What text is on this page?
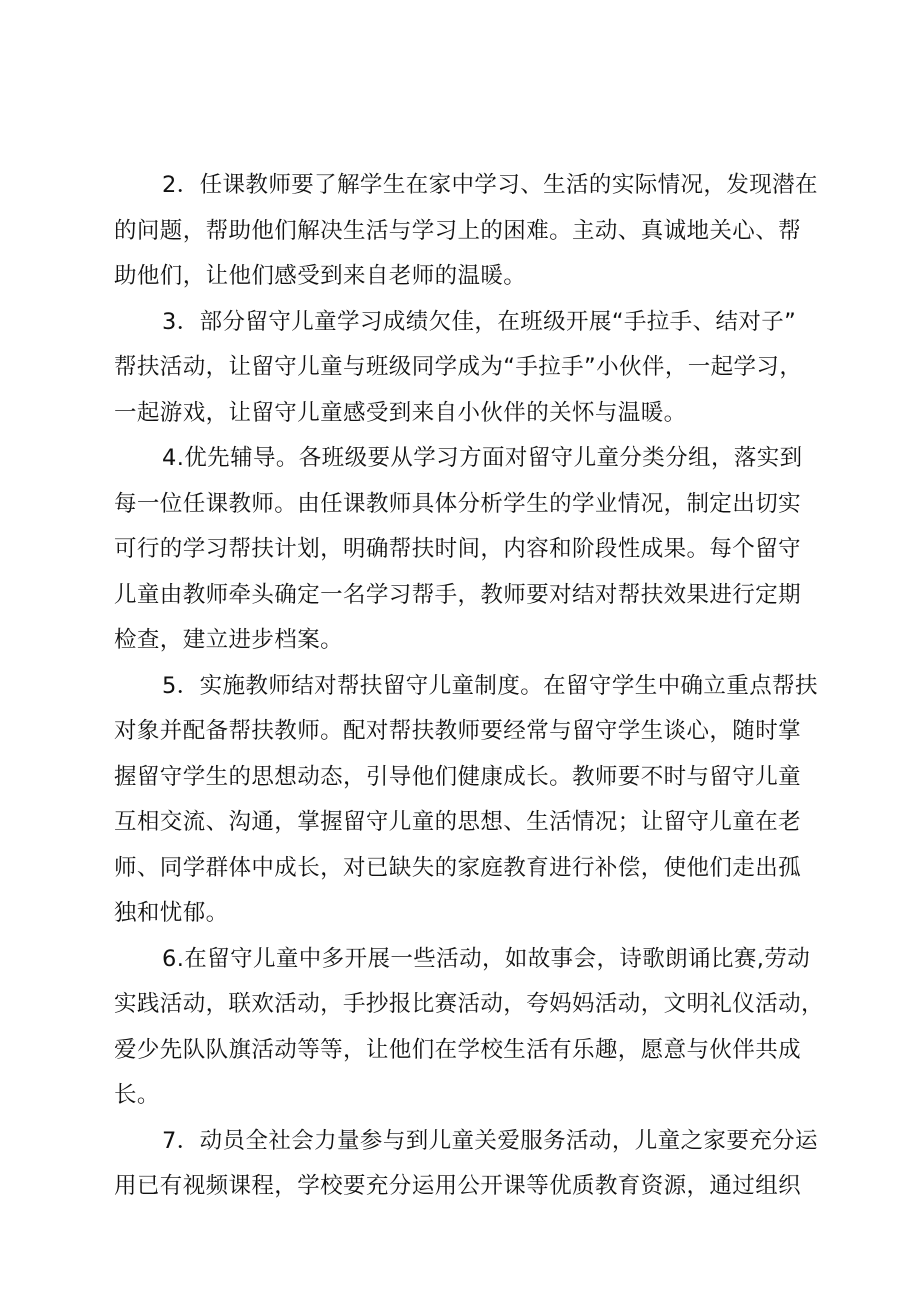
2．任课教师要了解学生在家中学习、生活的实际情况，发现潜在
的问题，帮助他们解决生活与学习上的困难。主动、真诚地关心、帮
助他们，让他们感受到来自老师的温暖。

3．部分留守儿童学习成绩欠佳，在班级开展“手拉手、结对子”
帮扶活动，让留守儿童与班级同学成为“手拉手”小伙伴，一起学习，
一起游戏，让留守儿童感受到来自小伙伴的关怀与温暖。

4.优先辅导。各班级要从学习方面对留守儿童分类分组，落实到
每一位任课教师。由任课教师具体分析学生的学业情况，制定出切实
可行的学习帮扶计划，明确帮扶时间，内容和阶段性成果。每个留守
儿童由教师牵头确定一名学习帮手，教师要对结对帮扶效果进行定期
检查，建立进步档案。

5．实施教师结对帮扶留守儿童制度。在留守学生中确立重点帮扶
对象并配备帮扶教师。配对帮扶教师要经常与留守学生谈心，随时掌
握留守学生的思想动态，引导他们健康成长。教师要不时与留守儿童
互相交流、沟通，掌握留守儿童的思想、生活情况；让留守儿童在老
师、同学群体中成长，对已缺失的家庭教育进行补偿，使他们走出孤
独和忧郁。

6.在留守儿童中多开展一些活动，如故事会，诗歌朗诵比赛,劳动
实践活动，联欢活动，手抄报比赛活动，夸妈妈活动，文明礼仪活动，
爱少先队队旗活动等等，让他们在学校生活有乐趣，愿意与伙伴共成
长。

7．动员全社会力量参与到儿童关爱服务活动，儿童之家要充分运
用已有视频课程，学校要充分运用公开课等优质教育资源，通过组织
